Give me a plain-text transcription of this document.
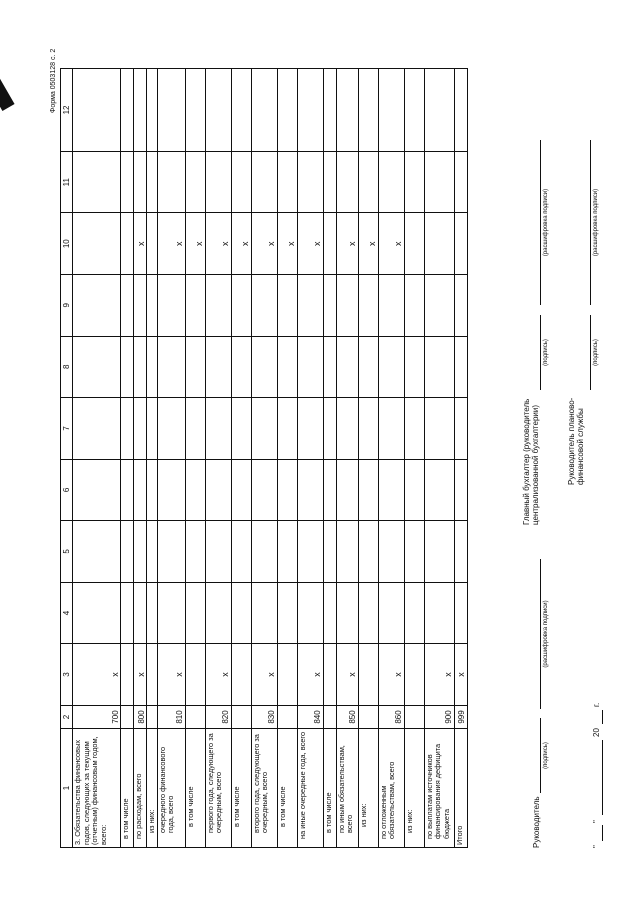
Форма 0503128 с. 2
1	2	3	4	5	6	7	8	9	10	11	12
3. Обязательства финансовых годов, следующих за текущим (отчетным) финансовым годом, всего:	700	x									
в том числе											
по расходам, всего	800	x							x		
из них:											
очередного финансового года, всего	810	x							x		
в том числе									x		
первого года, следующего за очередным, всего	820	x							x		
в том числе									x		
второго года, следующего за очередным, всего	830	x							x		
в том числе									x		
на иные очередные года, всего	840	x							x		
в том числе											
по иным обязательствам, всего	850	x							x		
из них:									x		
по отложенным обязательствам, всего	860	x							x		
из них:											
по выплатам источников финансирования дефицита бюджета	900	x									
Итого	999	x									
Руководитель
(подпись)
(расшифровка подписи)
Главный бухгалтер (руководитель централизованной бухгалтерии)
(подпись)
(расшифровка подписи)
Руководитель планово-финансовой службы
(подпись)
(расшифровка подписи)
"
"
20
г.
